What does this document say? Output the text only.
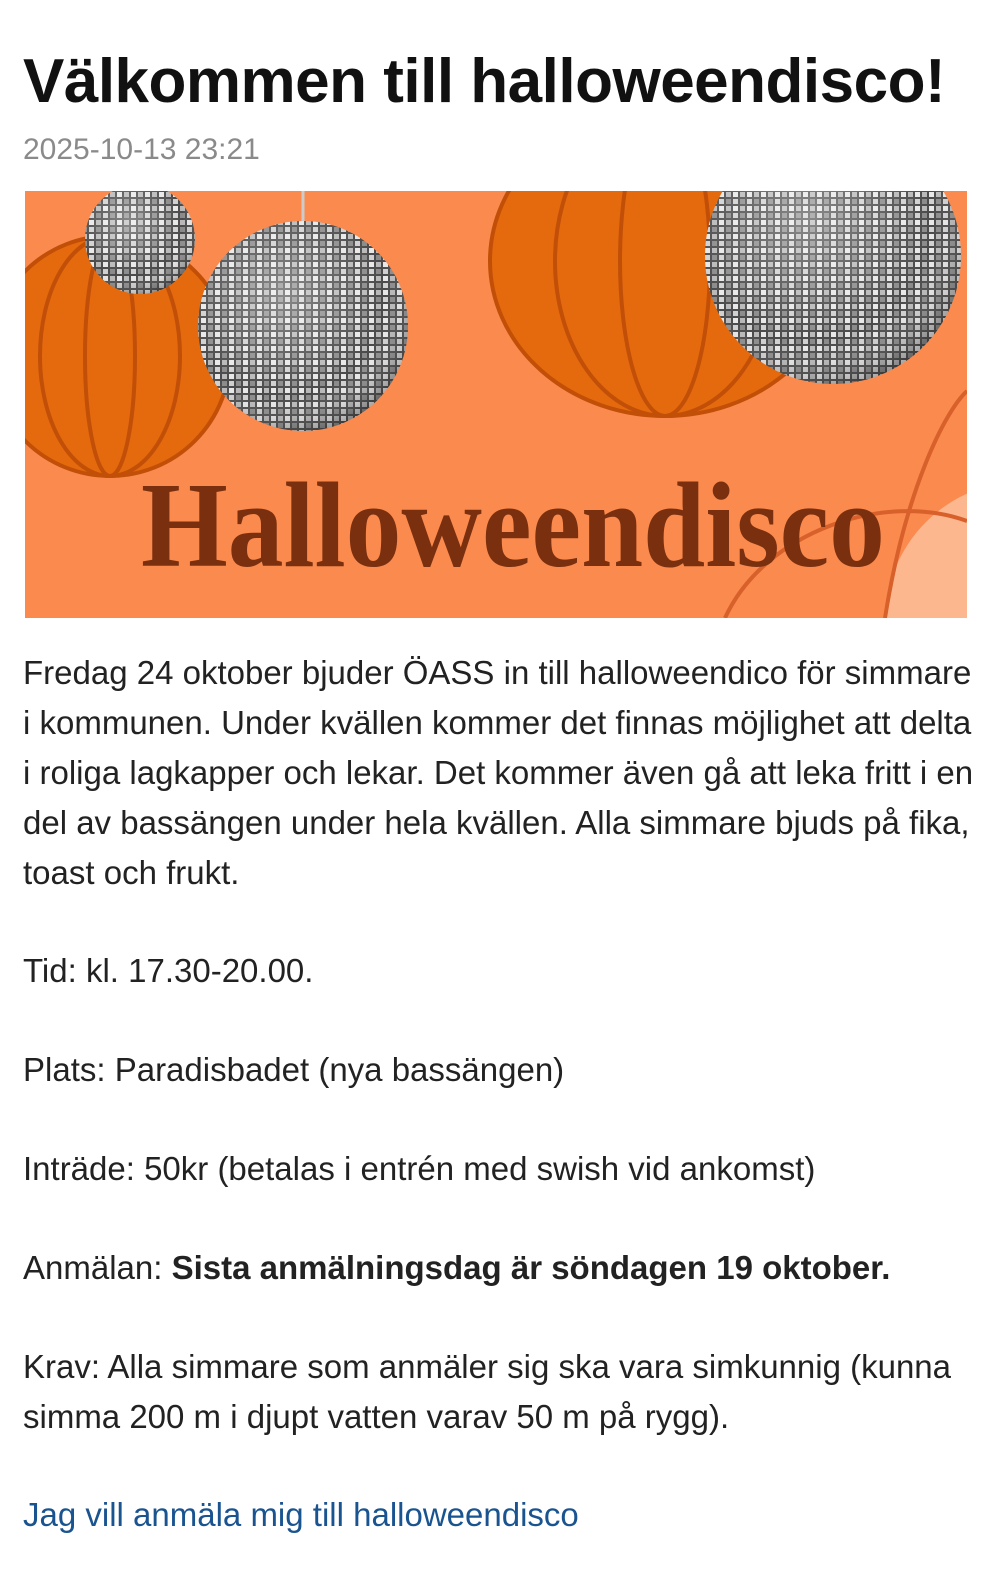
Välkommen till halloweendisco!
2025-10-13 23:21
Halloweendisco

Fredag 24 oktober bjuder ÖASS in till halloweendico för simmare i kommunen. Under kvällen kommer det finnas möjlighet att delta i roliga lagkapper och lekar. Det kommer även gå att leka fritt i en del av bassängen under hela kvällen. Alla simmare bjuds på fika, toast och frukt.

Tid: kl. 17.30-20.00.

Plats: Paradisbadet (nya bassängen)

Inträde: 50kr (betalas i entrén med swish vid ankomst)

Anmälan: Sista anmälningsdag är söndagen 19 oktober.

Krav: Alla simmare som anmäler sig ska vara simkunnig (kunna simma 200 m i djupt vatten varav 50 m på rygg).

Jag vill anmäla mig till halloweendisco
